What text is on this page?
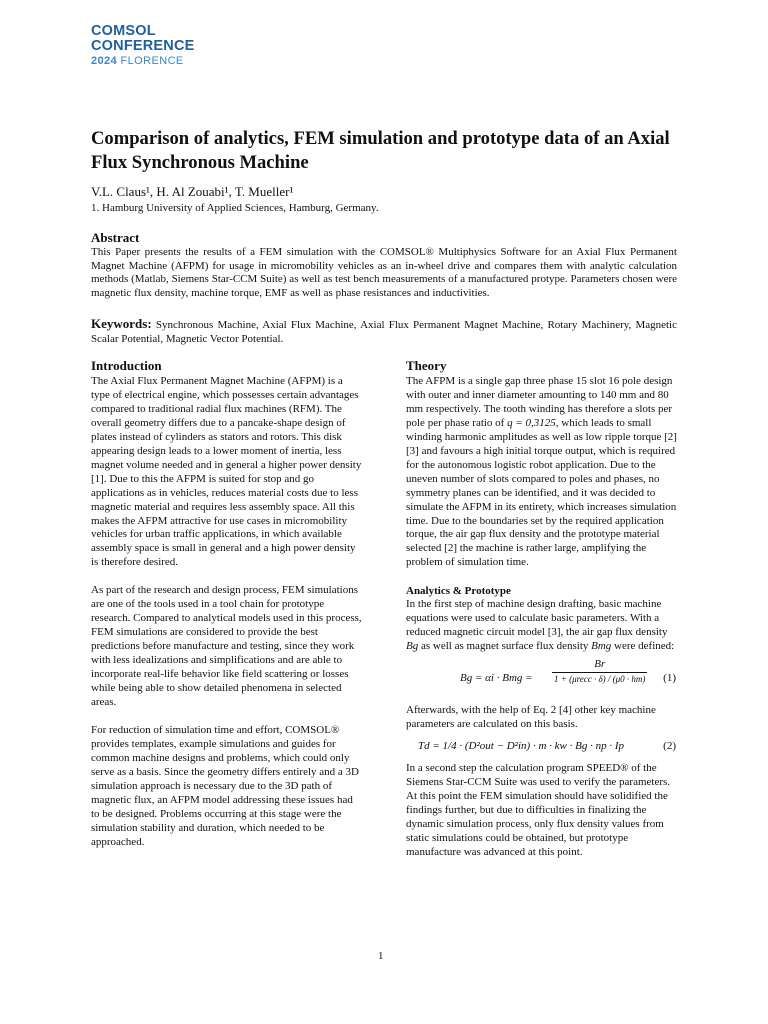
COMSOL
CONFERENCE
2024 FLORENCE
Comparison of analytics, FEM simulation and prototype data of an Axial Flux Synchronous Machine
V.L. Claus¹, H. Al Zouabi¹, T. Mueller¹
1. Hamburg University of Applied Sciences, Hamburg, Germany.
Abstract

This Paper presents the results of a FEM simulation with the COMSOL® Multiphysics Software for an Axial Flux Permanent Magnet Machine (AFPM) for usage in micromobility vehicles as an in-wheel drive and compares them with analytic calculation methods (Matlab, Siemens Star-CCM Suite) as well as test bench measurements of a manufactured protype. Parameters chosen were magnetic flux density, machine torque, EMF as well as phase resistances and inductivities.

Keywords: Synchronous Machine, Axial Flux Machine, Axial Flux Permanent Magnet Machine, Rotary Machinery, Magnetic Scalar Potential, Magnetic Vector Potential.

Introduction

The Axial Flux Permanent Magnet Machine (AFPM) is a type of electrical engine, which possesses certain advantages compared to traditional radial flux machines (RFM). The overall geometry differs due to a pancake-shape design of plates instead of cylinders as stators and rotors. This disk appearing design leads to a lower moment of inertia, less magnet volume needed and in general a higher power density [1]. Due to this the AFPM is suited for stop and go applications as in vehicles, reduces material costs due to less magnetic material and requires less assembly space. All this makes the AFPM attractive for use cases in micromobility vehicles for urban traffic applications, in which available assembly space is small in general and a high power density is therefore desired.

As part of the research and design process, FEM simulations are one of the tools used in a tool chain for prototype research. Compared to analytical models used in this process, FEM simulations are considered to provide the best predictions before manufacture and testing, since they work with less idealizations and simplifications and are able to incorporate real-life behavior like field scattering or losses while being able to show detailed phenomena in selected areas.

For reduction of simulation time and effort, COMSOL® provides templates, example simulations and guides for common machine designs and problems, which could only serve as a basis. Since the geometry differs entirely and a 3D simulation approach is necessary due to the 3D path of magnetic flux, an AFPM model addressing these issues had to be designed. Problems occurring at this stage were the simulation stability and duration, which needed to be approached.

Theory

The AFPM is a single gap three phase 15 slot 16 pole design with outer and inner diameter amounting to 140 mm and 80 mm respectively. The tooth winding has therefore a slots per pole per phase ratio of q = 0,3125, which leads to small winding harmonic amplitudes as well as low ripple torque [2] [3] and favours a high initial torque output, which is required for the autonomous logistic robot application. Due to the uneven number of slots compared to poles and phases, no symmetry planes can be identified, and it was decided to simulate the AFPM in its entirety, which increases simulation time. Due to the boundaries set by the required application torque, the air gap flux density and the prototype material selected [2] the machine is rather large, amplifying the problem of simulation time.

Analytics & Prototype

In the first step of machine design drafting, basic machine equations were used to calculate basic parameters. With a reduced magnetic circuit model [3], the air gap flux density Bg as well as magnet surface flux density Bmg were defined:

Bg = αi · Bmg =
Br
1 + (μrecc · δ) / (μ0 · hm) (1)

Afterwards, with the help of Eq. 2 [4] other key machine parameters are calculated on this basis.

Td = 1/4 · (D²out − D²in) · m · kw · Bg · np · Ip	(2)

In a second step the calculation program SPEED® of the Siemens Star-CCM Suite was used to verify the parameters. At this point the FEM simulation should have solidified the findings further, but due to difficulties in finalizing the dynamic simulation process, only flux density values from static simulations could be obtained, but prototype manufacture was advanced at this point.

1
